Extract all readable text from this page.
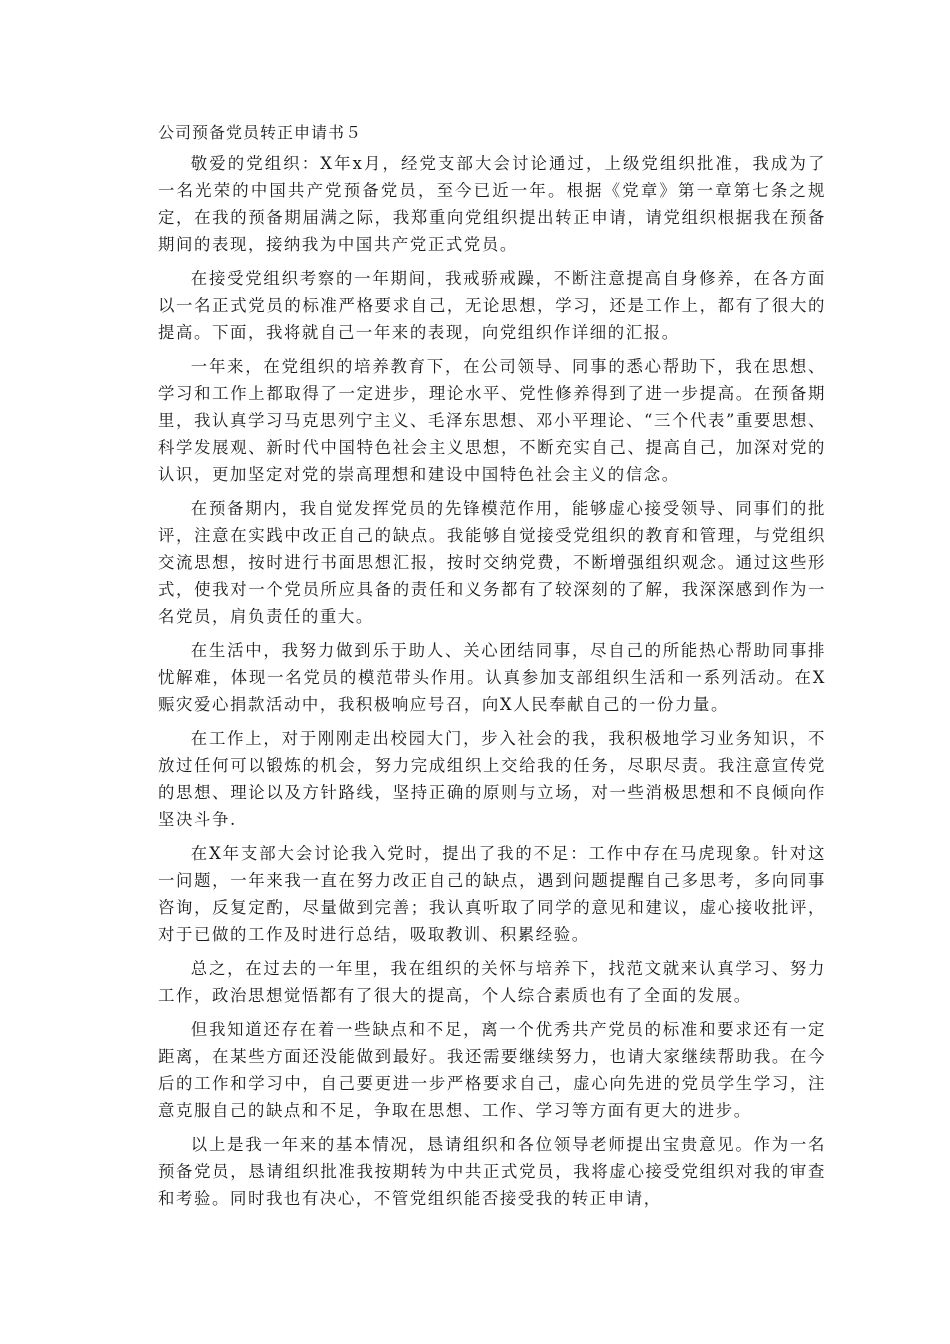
公司预备党员转正申请书５

敬爱的党组织：X年x月，经党支部大会讨论通过，上级党组织批准，我成为了一名光荣的中国共产党预备党员，至今已近一年。根据《党章》第一章第七条之规定，在我的预备期届满之际，我郑重向党组织提出转正申请，请党组织根据我在预备期间的表现，接纳我为中国共产党正式党员。

在接受党组织考察的一年期间，我戒骄戒躁，不断注意提高自身修养，在各方面以一名正式党员的标准严格要求自己，无论思想，学习，还是工作上，都有了很大的提高。下面，我将就自己一年来的表现，向党组织作详细的汇报。

一年来，在党组织的培养教育下，在公司领导、同事的悉心帮助下，我在思想、学习和工作上都取得了一定进步，理论水平、党性修养得到了进一步提高。在预备期里，我认真学习马克思列宁主义、毛泽东思想、邓小平理论、“三个代表”重要思想、科学发展观、新时代中国特色社会主义思想，不断充实自己、提高自己，加深对党的认识，更加坚定对党的崇高理想和建设中国特色社会主义的信念。

在预备期内，我自觉发挥党员的先锋模范作用，能够虚心接受领导、同事们的批评，注意在实践中改正自己的缺点。我能够自觉接受党组织的教育和管理，与党组织交流思想，按时进行书面思想汇报，按时交纳党费，不断增强组织观念。通过这些形式，使我对一个党员所应具备的责任和义务都有了较深刻的了解，我深深感到作为一名党员，肩负责任的重大。

在生活中，我努力做到乐于助人、关心团结同事，尽自己的所能热心帮助同事排忧解难，体现一名党员的模范带头作用。认真参加支部组织生活和一系列活动。在X赈灾爱心捐款活动中，我积极响应号召，向X人民奉献自己的一份力量。

在工作上，对于刚刚走出校园大门，步入社会的我，我积极地学习业务知识，不放过任何可以锻炼的机会，努力完成组织上交给我的任务，尽职尽责。我注意宣传党的思想、理论以及方针路线，坚持正确的原则与立场，对一些消极思想和不良倾向作坚决斗争.

在X年支部大会讨论我入党时，提出了我的不足：工作中存在马虎现象。针对这一问题，一年来我一直在努力改正自己的缺点，遇到问题提醒自己多思考，多向同事咨询，反复定酌，尽量做到完善；我认真听取了同学的意见和建议，虚心接收批评，对于已做的工作及时进行总结，吸取教训、积累经验。

总之，在过去的一年里，我在组织的关怀与培养下，找范文就来认真学习、努力工作，政治思想觉悟都有了很大的提高，个人综合素质也有了全面的发展。

但我知道还存在着一些缺点和不足，离一个优秀共产党员的标准和要求还有一定距离，在某些方面还没能做到最好。我还需要继续努力，也请大家继续帮助我。在今后的工作和学习中，自己要更进一步严格要求自己，虚心向先进的党员学生学习，注意克服自己的缺点和不足，争取在思想、工作、学习等方面有更大的进步。

以上是我一年来的基本情况，恳请组织和各位领导老师提出宝贵意见。作为一名预备党员，恳请组织批准我按期转为中共正式党员，我将虚心接受党组织对我的审查和考验。同时我也有决心，不管党组织能否接受我的转正申请，
